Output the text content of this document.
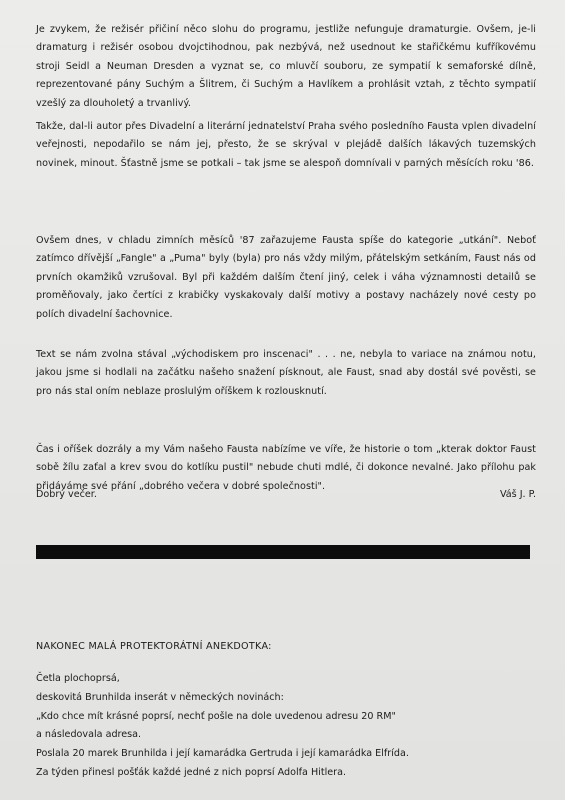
Je zvykem, že režisér přičiní něco slohu do programu, jestliže nefunguje dramaturgie. Ovšem, je-li dramaturg i režisér osobou dvojctihodnou, pak nezbývá, než usednout ke stařičkému kufříkovému stroji Seidl a Neuman Dresden a vyznat se, co mluvčí souboru, ze sympatií k semaforské dílně, reprezentované pány Suchým a Šlitrem, či Suchým a Havlíkem a prohlásit vztah, z těchto sympatií vzešlý za dlouholetý a trvanlivý.

Takže, dal-li autor přes Divadelní a literární jednatelství Praha svého posledního Fausta vplen divadelní veřejnosti, nepodařilo se nám jej, přesto, že se skrýval v plejádě dalších lákavých tuzemských novinek, minout. Šťastně jsme se potkali – tak jsme se alespoň domnívali v parných měsících roku '86.

Ovšem dnes, v chladu zimních měsíců '87 zařazujeme Fausta spíše do kategorie „utkání". Neboť zatímco dřívější „Fangle" a „Puma" byly (byla) pro nás vždy milým, přátelským setkáním, Faust nás od prvních okamžiků vzrušoval. Byl při každém dalším čtení jiný, celek i váha významnosti detailů se proměňovaly, jako čertíci z krabičky vyskakovaly další motivy a postavy nacházely nové cesty po polích divadelní šachovnice.

Text se nám zvolna stával „východiskem pro inscenaci" . . . ne, nebyla to variace na známou notu, jakou jsme si hodlali na začátku našeho snažení písknout, ale Faust, snad aby dostál své pověsti, se pro nás stal oním neblaze proslulým oříškem k rozlousknutí.

Čas i oříšek dozrály a my Vám našeho Fausta nabízíme ve víře, že historie o tom „kterak doktor Faust sobě žílu zaťal a krev svou do kotlíku pustil" nebude chuti mdlé, či dokonce nevalné. Jako přílohu pak přidáváme své přání „dobrého večera v dobré společnosti".

Dobrý večer.	Váš J. P.
NAKONEC MALÁ PROTEKTORÁTNÍ ANEKDOTKA:
Četla plochoprsá,
deskovitá Brunhilda inserát v německých novinách:
„Kdo chce mít krásné poprsí, nechť pošle na dole uvedenou adresu 20 RM"
a následovala adresa.
Poslala 20 marek Brunhilda i její kamarádka Gertruda i její kamarádka Elfrída.
Za týden přinesl pošťák každé jedné z nich poprsí Adolfa Hitlera.
